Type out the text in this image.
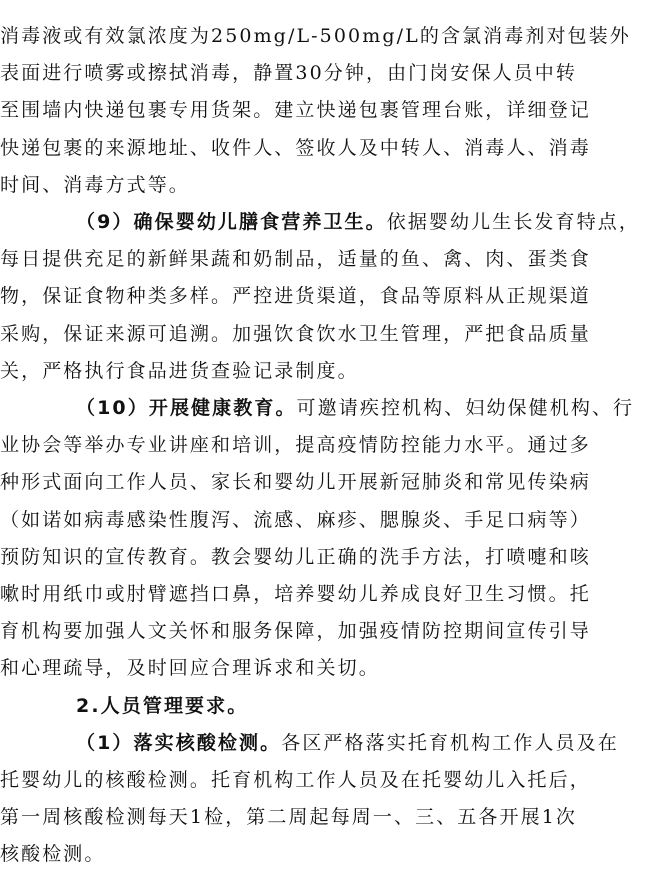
消毒液或有效氯浓度为250mg/L-500mg/L的含氯消毒剂对包装外
表面进行喷雾或擦拭消毒，静置30分钟，由门岗安保人员中转
至围墙内快递包裹专用货架。建立快递包裹管理台账，详细登记
快递包裹的来源地址、收件人、签收人及中转人、消毒人、消毒
时间、消毒方式等。
（9）确保婴幼儿膳食营养卫生。依据婴幼儿生长发育特点，
每日提供充足的新鲜果蔬和奶制品，适量的鱼、禽、肉、蛋类食
物，保证食物种类多样。严控进货渠道，食品等原料从正规渠道
采购，保证来源可追溯。加强饮食饮水卫生管理，严把食品质量
关，严格执行食品进货查验记录制度。
（10）开展健康教育。可邀请疾控机构、妇幼保健机构、行
业协会等举办专业讲座和培训，提高疫情防控能力水平。通过多
种形式面向工作人员、家长和婴幼儿开展新冠肺炎和常见传染病
（如诺如病毒感染性腹泻、流感、麻疹、腮腺炎、手足口病等）
预防知识的宣传教育。教会婴幼儿正确的洗手方法，打喷嚏和咳
嗽时用纸巾或肘臂遮挡口鼻，培养婴幼儿养成良好卫生习惯。托
育机构要加强人文关怀和服务保障，加强疫情防控期间宣传引导
和心理疏导，及时回应合理诉求和关切。
2.人员管理要求。
（1）落实核酸检测。各区严格落实托育机构工作人员及在
托婴幼儿的核酸检测。托育机构工作人员及在托婴幼儿入托后，
第一周核酸检测每天1检，第二周起每周一、三、五各开展1次
核酸检测。
